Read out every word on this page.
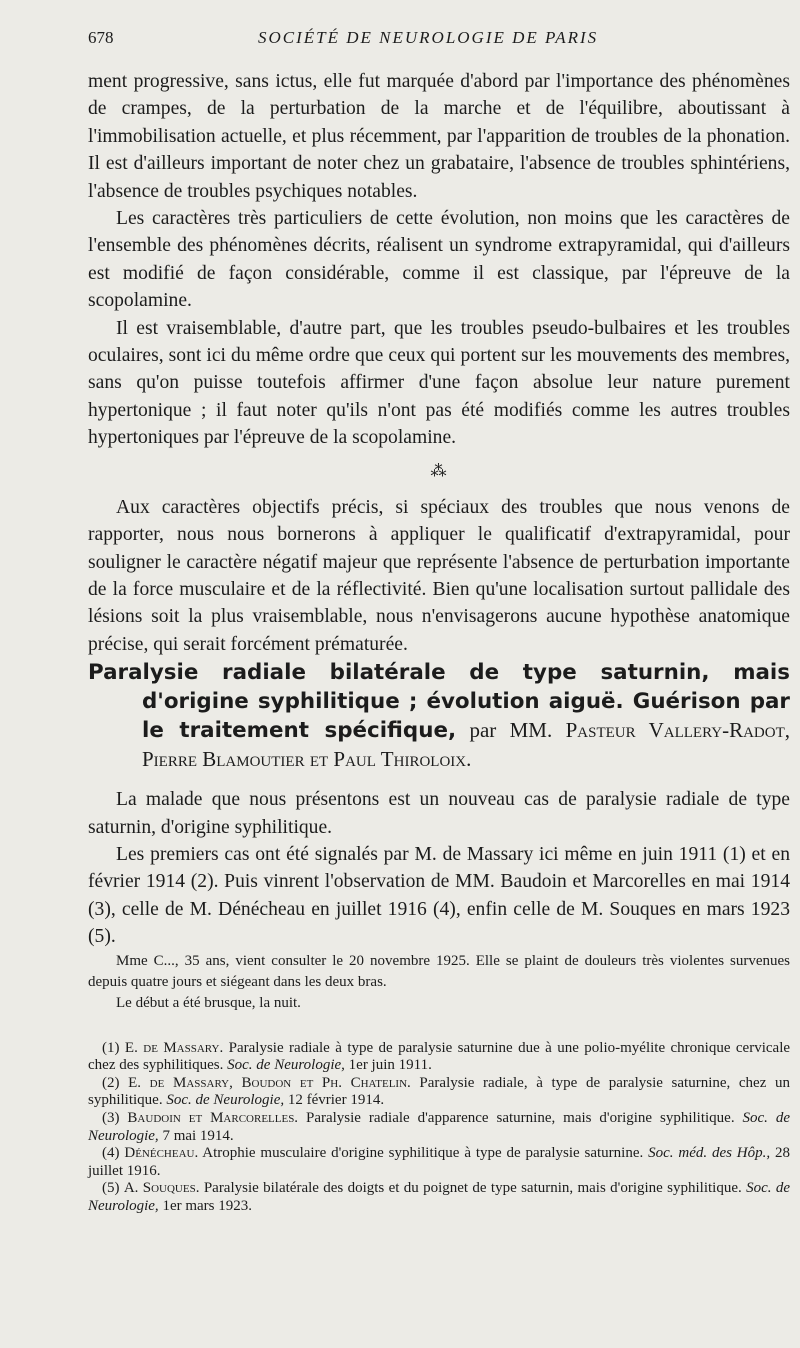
678	SOCIÉTÉ DE NEUROLOGIE DE PARIS

ment progressive, sans ictus, elle fut marquée d'abord par l'importance des phénomènes de crampes, de la perturbation de la marche et de l'équilibre, aboutissant à l'immobilisation actuelle, et plus récemment, par l'apparition de troubles de la phonation. Il est d'ailleurs important de noter chez un grabataire, l'absence de troubles sphintériens, l'absence de troubles psychiques notables.

Les caractères très particuliers de cette évolution, non moins que les caractères de l'ensemble des phénomènes décrits, réalisent un syndrome extrapyramidal, qui d'ailleurs est modifié de façon considérable, comme il est classique, par l'épreuve de la scopolamine.

Il est vraisemblable, d'autre part, que les troubles pseudo-bulbaires et les troubles oculaires, sont ici du même ordre que ceux qui portent sur les mouvements des membres, sans qu'on puisse toutefois affirmer d'une façon absolue leur nature purement hypertonique ; il faut noter qu'ils n'ont pas été modifiés comme les autres troubles hypertoniques par l'épreuve de la scopolamine.

⁂

Aux caractères objectifs précis, si spéciaux des troubles que nous venons de rapporter, nous nous bornerons à appliquer le qualificatif d'extrapyramidal, pour souligner le caractère négatif majeur que représente l'absence de perturbation importante de la force musculaire et de la réflectivité. Bien qu'une localisation surtout pallidale des lésions soit la plus vraisemblable, nous n'envisagerons aucune hypothèse anatomique précise, qui serait forcément prématurée.

Paralysie radiale bilatérale de type saturnin, mais d'origine syphilitique ; évolution aiguë. Guérison par le traitement spécifique, par MM. Pasteur Vallery-Radot, Pierre Blamoutier et Paul Thiroloix.

La malade que nous présentons est un nouveau cas de paralysie radiale de type saturnin, d'origine syphilitique.

Les premiers cas ont été signalés par M. de Massary ici même en juin 1911 (1) et en février 1914 (2). Puis vinrent l'observation de MM. Baudoin et Marcorelles en mai 1914 (3), celle de M. Dénécheau en juillet 1916 (4), enfin celle de M. Souques en mars 1923 (5).

Mme C..., 35 ans, vient consulter le 20 novembre 1925. Elle se plaint de douleurs très violentes survenues depuis quatre jours et siégeant dans les deux bras.

Le début a été brusque, la nuit.

(1) E. de Massary. Paralysie radiale à type de paralysie saturnine due à une polio-myélite chronique cervicale chez des syphilitiques. Soc. de Neurologie, 1er juin 1911.

(2) E. de Massary, Boudon et Ph. Chatelin. Paralysie radiale, à type de paralysie saturnine, chez un syphilitique. Soc. de Neurologie, 12 février 1914.

(3) Baudoin et Marcorelles. Paralysie radiale d'apparence saturnine, mais d'origine syphilitique. Soc. de Neurologie, 7 mai 1914.

(4) Dénécheau. Atrophie musculaire d'origine syphilitique à type de paralysie saturnine. Soc. méd. des Hôp., 28 juillet 1916.

(5) A. Souques. Paralysie bilatérale des doigts et du poignet de type saturnin, mais d'origine syphilitique. Soc. de Neurologie, 1er mars 1923.
